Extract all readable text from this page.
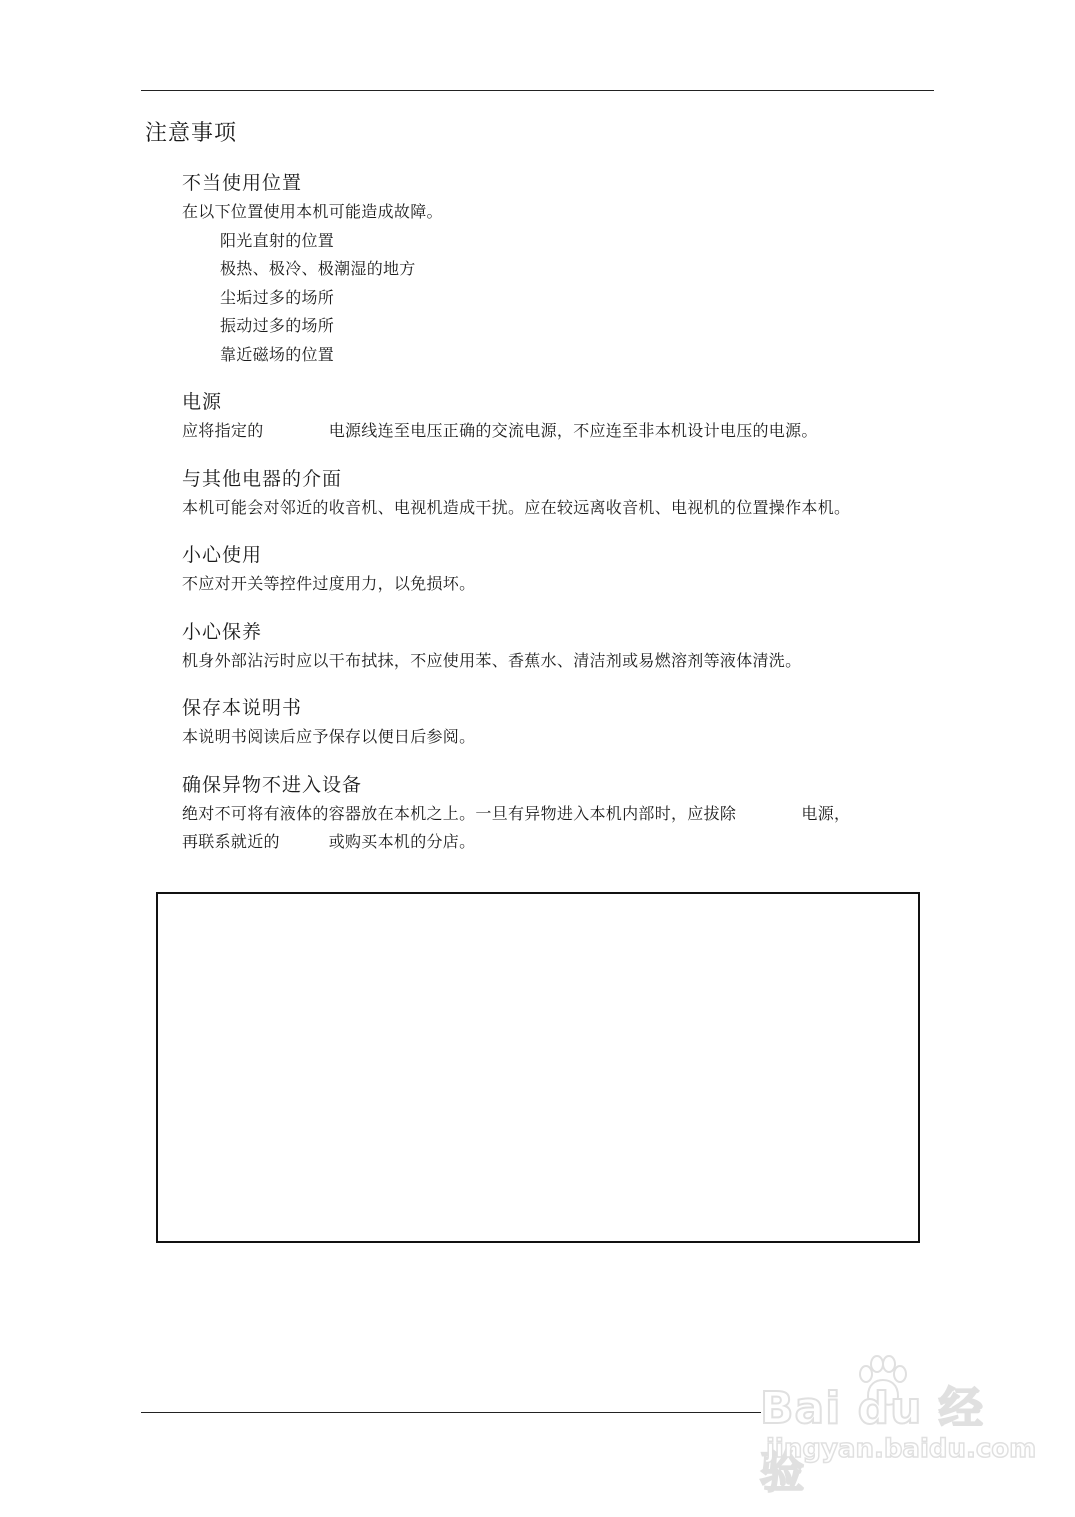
注意事项
不当使用位置

在以下位置使用本机可能造成故障。

阳光直射的位置
极热、极冷、极潮湿的地方
尘垢过多的场所
振动过多的场所
靠近磁场的位置
电源

应将指定的　　　　电源线连至电压正确的交流电源，不应连至非本机设计电压的电源。

与其他电器的介面

本机可能会对邻近的收音机、电视机造成干扰。应在较远离收音机、电视机的位置操作本机。

小心使用

不应对开关等控件过度用力，以免损坏。

小心保养

机身外部沾污时应以干布拭抹，不应使用苯、香蕉水、清洁剂或易燃溶剂等液体清洗。

保存本说明书

本说明书阅读后应予保存以便日后参阅。

确保异物不进入设备

绝对不可将有液体的容器放在本机之上。一旦有异物进入本机内部时，应拔除　　　　电源，

再联系就近的　　　或购买本机的分店。

Bai du 经验
jingyan.baidu.com
